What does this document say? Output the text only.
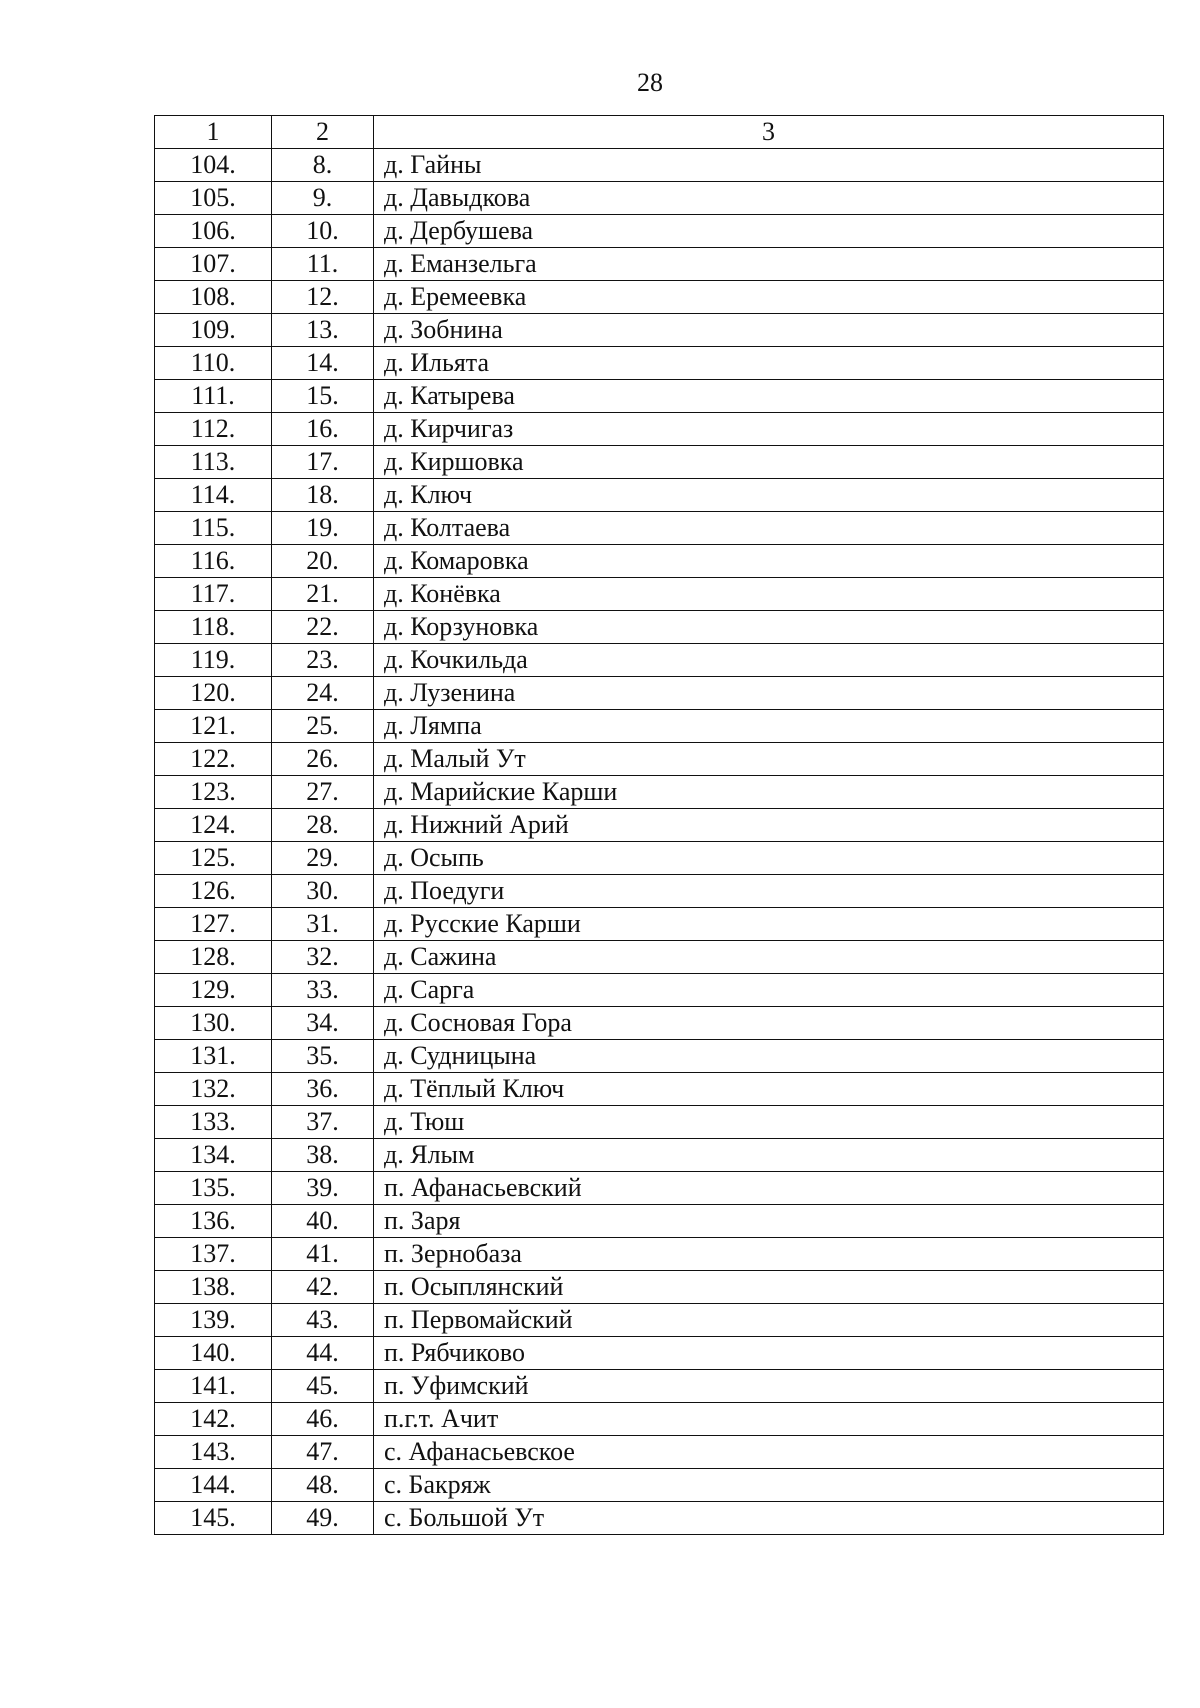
28
1	2	3
104.	8.	д. Гайны
105.	9.	д. Давыдкова
106.	10.	д. Дербушева
107.	11.	д. Еманзельга
108.	12.	д. Еремеевка
109.	13.	д. Зобнина
110.	14.	д. Ильята
111.	15.	д. Катырева
112.	16.	д. Кирчигаз
113.	17.	д. Киршовка
114.	18.	д. Ключ
115.	19.	д. Колтаева
116.	20.	д. Комаровка
117.	21.	д. Конёвка
118.	22.	д. Корзуновка
119.	23.	д. Кочкильда
120.	24.	д. Лузенина
121.	25.	д. Лямпа
122.	26.	д. Малый Ут
123.	27.	д. Марийские Карши
124.	28.	д. Нижний Арий
125.	29.	д. Осыпь
126.	30.	д. Поедуги
127.	31.	д. Русские Карши
128.	32.	д. Сажина
129.	33.	д. Сарга
130.	34.	д. Сосновая Гора
131.	35.	д. Судницына
132.	36.	д. Тёплый Ключ
133.	37.	д. Тюш
134.	38.	д. Ялым
135.	39.	п. Афанасьевский
136.	40.	п. Заря
137.	41.	п. Зернобаза
138.	42.	п. Осыплянский
139.	43.	п. Первомайский
140.	44.	п. Рябчиково
141.	45.	п. Уфимский
142.	46.	п.г.т. Ачит
143.	47.	с. Афанасьевское
144.	48.	с. Бакряж
145.	49.	с. Большой Ут
